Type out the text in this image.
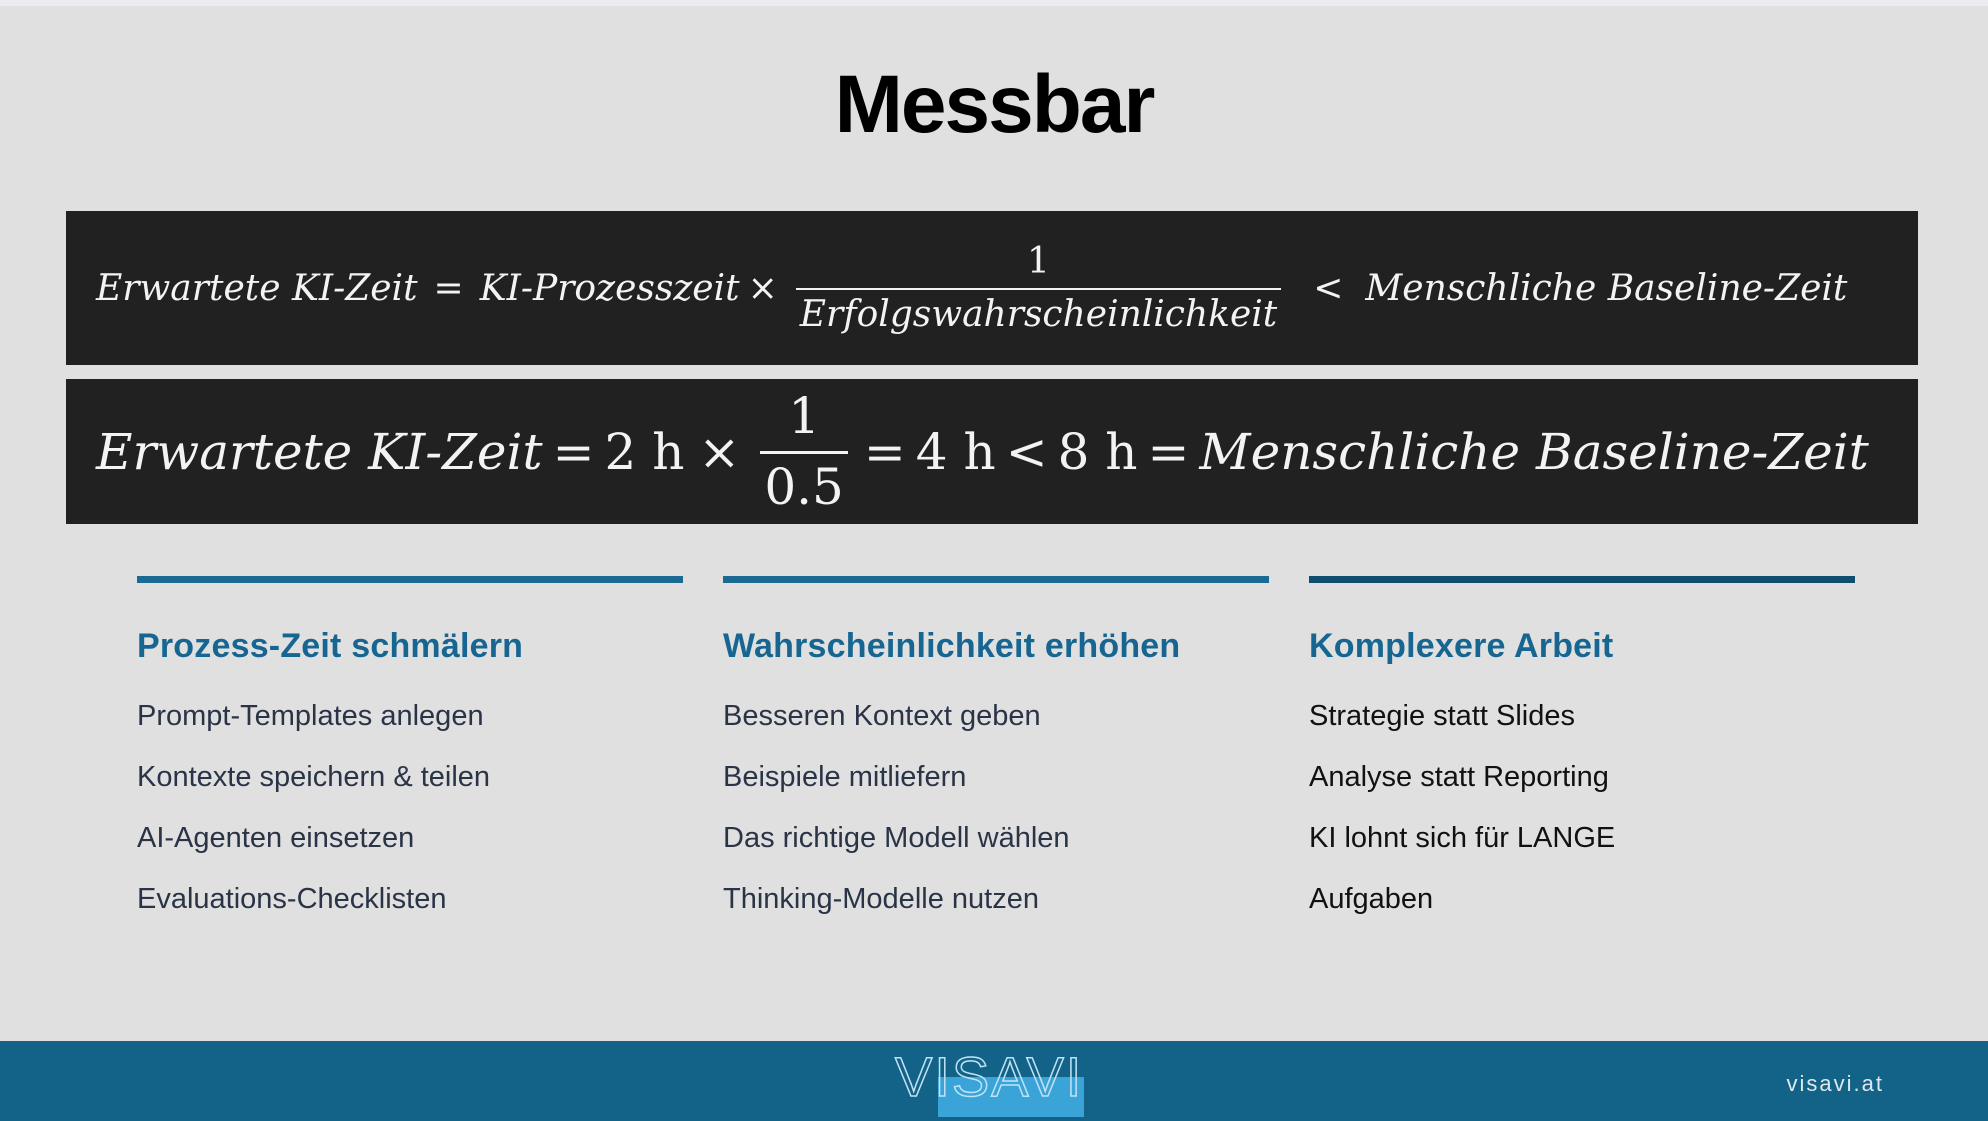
Messbar
Erwartete KI-Zeit = KI-Prozesszeit × $\frac{1}{\text{Erfolgswahrscheinlichkeit}}$ < Menschliche Baseline-Zeit
Erwartete KI-Zeit = 2 $h \times \frac{1}{0.5} = 4$ h < 8 h = Menschliche Baseline-Zeit
Prozess-Zeit schmälern
Prompt-Templates anlegen
Kontexte speichern & teilen
AI-Agenten einsetzen
Evaluations-Checklisten
Wahrscheinlichkeit erhöhen
Besseren Kontext geben
Beispiele mitliefern
Das richtige Modell wählen
Thinking-Modelle nutzen
Komplexere Arbeit
Strategie statt Slides
Analyse statt Reporting
KI lohnt sich für LANGE
Aufgaben
VISAVI	visavi.at
